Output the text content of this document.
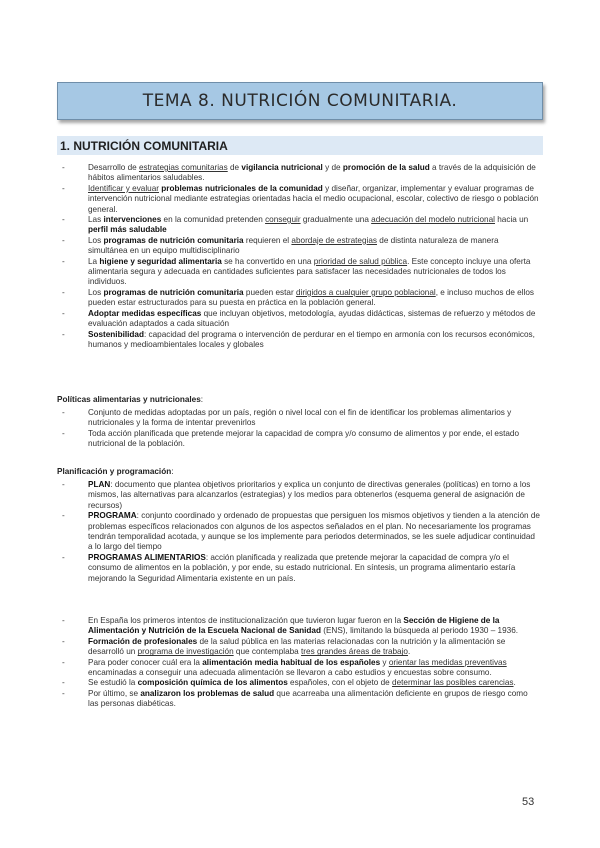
TEMA 8. NUTRICIÓN COMUNITARIA.
1. NUTRICIÓN COMUNITARIA
- Desarrollo de estrategias comunitarias de vigilancia nutricional y de promoción de la salud a través de la adquisición de hábitos alimentarios saludables.
- Identificar y evaluar problemas nutricionales de la comunidad y diseñar, organizar, implementar y evaluar programas de intervención nutricional mediante estrategias orientadas hacia el medio ocupacional, escolar, colectivo de riesgo o población general.
- Las intervenciones en la comunidad pretenden conseguir gradualmente una adecuación del modelo nutricional hacia un perfil más saludable
- Los programas de nutrición comunitaria requieren el abordaje de estrategias de distinta naturaleza de manera simultánea en un equipo multidisciplinario
- La higiene y seguridad alimentaria se ha convertido en una prioridad de salud pública. Este concepto incluye una oferta alimentaria segura y adecuada en cantidades suficientes para satisfacer las necesidades nutricionales de todos los individuos.
- Los programas de nutrición comunitaria pueden estar dirigidos a cualquier grupo poblacional, e incluso muchos de ellos pueden estar estructurados para su puesta en práctica en la población general.
- Adoptar medidas específicas que incluyan objetivos, metodología, ayudas didácticas, sistemas de refuerzo y métodos de evaluación adaptados a cada situación
- Sostenibilidad: capacidad del programa o intervención de perdurar en el tiempo en armonía con los recursos económicos, humanos y medioambientales locales y globales
Políticas alimentarias y nutricionales:
- Conjunto de medidas adoptadas por un país, región o nivel local con el fin de identificar los problemas alimentarios y nutricionales y la forma de intentar prevenirlos
- Toda acción planificada que pretende mejorar la capacidad de compra y/o consumo de alimentos y por ende, el estado nutricional de la población.
Planificación y programación:
- PLAN: documento que plantea objetivos prioritarios y explica un conjunto de directivas generales (políticas) en torno a los mismos, las alternativas para alcanzarlos (estrategias) y los medios para obtenerlos (esquema general de asignación de recursos)
- PROGRAMA: conjunto coordinado y ordenado de propuestas que persiguen los mismos objetivos y tienden a la atención de problemas específicos relacionados con algunos de los aspectos señalados en el plan. No necesariamente los programas tendrán temporalidad acotada, y aunque se los implemente para periodos determinados, se les suele adjudicar continuidad a lo largo del tiempo
- PROGRAMAS ALIMENTARIOS: acción planificada y realizada que pretende mejorar la capacidad de compra y/o el consumo de alimentos en la población, y por ende, su estado nutricional. En síntesis, un programa alimentario estaría mejorando la Seguridad Alimentaria existente en un país.
- En España los primeros intentos de institucionalización que tuvieron lugar fueron en la Sección de Higiene de la Alimentación y Nutrición de la Escuela Nacional de Sanidad (ENS), limitando la búsqueda al periodo 1930 – 1936.
- Formación de profesionales de la salud pública en las materias relacionadas con la nutrición y la alimentación se desarrolló un programa de investigación que contemplaba tres grandes áreas de trabajo.
- Para poder conocer cuál era la alimentación media habitual de los españoles y orientar las medidas preventivas encaminadas a conseguir una adecuada alimentación se llevaron a cabo estudios y encuestas sobre consumo.
- Se estudió la composición química de los alimentos españoles, con el objeto de determinar las posibles carencias.
- Por último, se analizaron los problemas de salud que acarreaba una alimentación deficiente en grupos de riesgo como las personas diabéticas.
53
